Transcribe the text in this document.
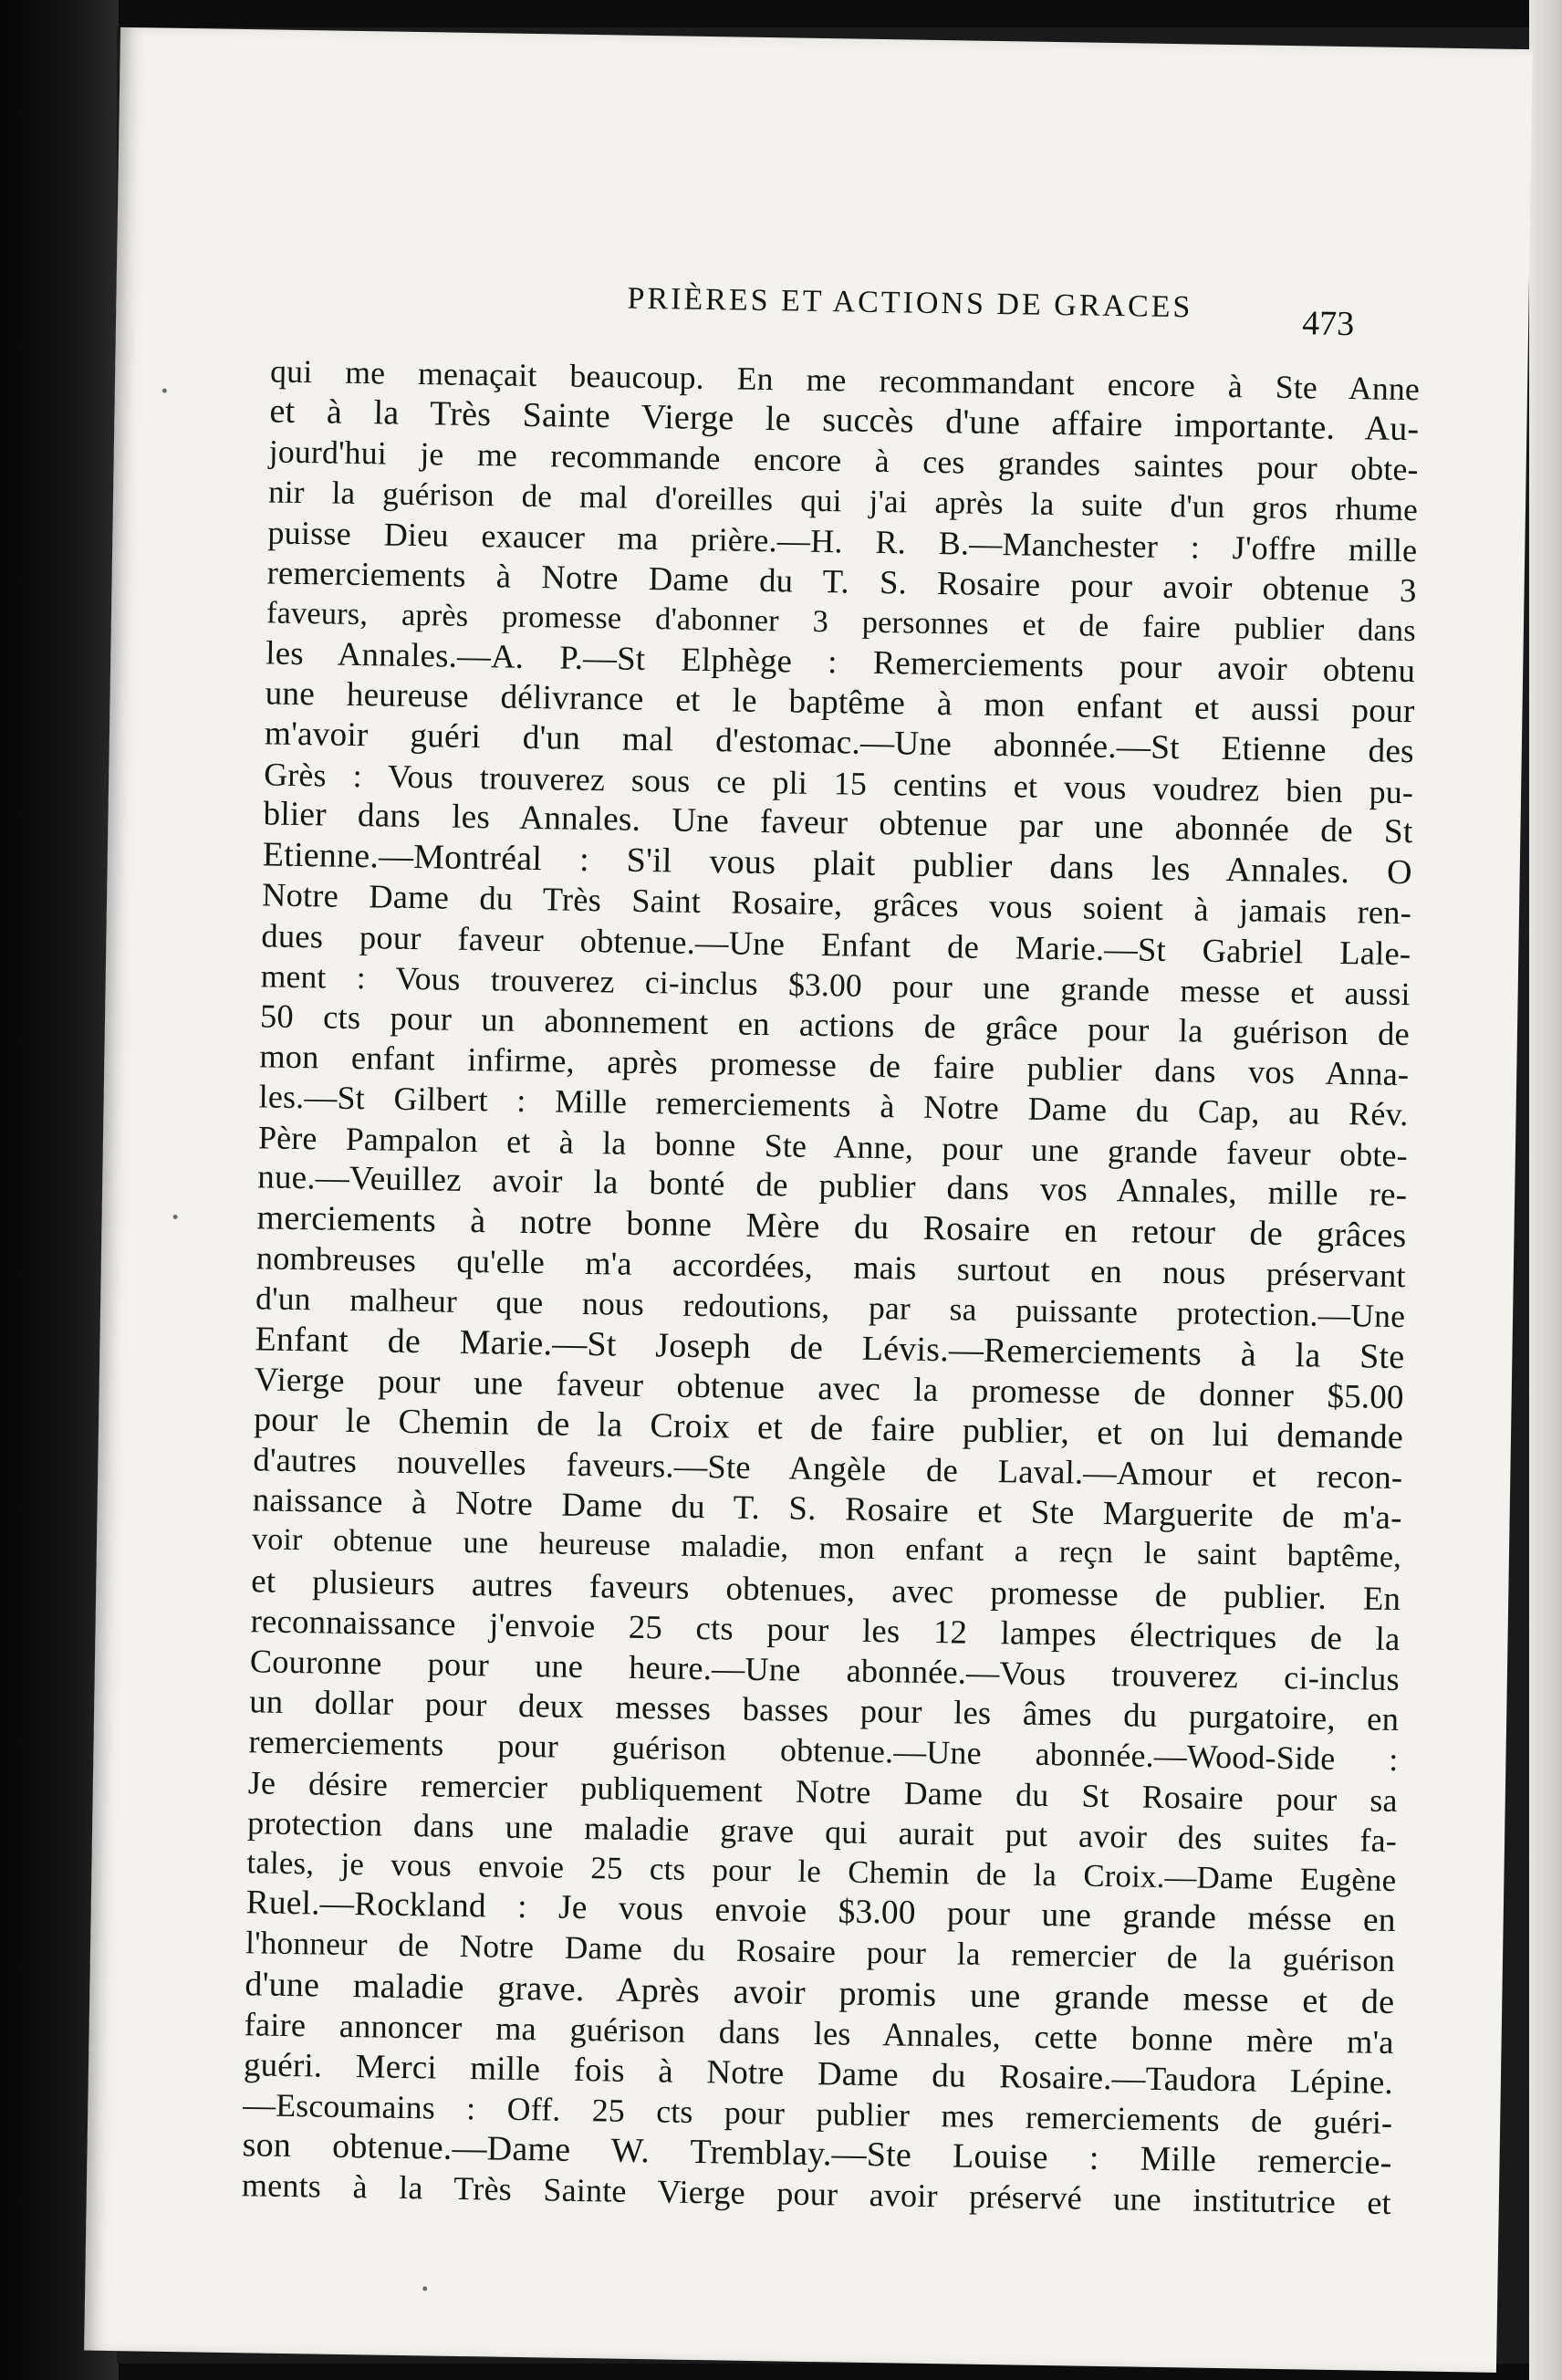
PRIÈRES ET ACTIONS DE GRACES	473
qui me menaçait beaucoup. En me recommandant encore à Ste Anne
et à la Très Sainte Vierge le succès d'une affaire importante. Au-
jourd'hui je me recommande encore à ces grandes saintes pour obte-
nir la guérison de mal d'oreilles qui j'ai après la suite d'un gros rhume
puisse Dieu exaucer ma prière.—H. R. B.—Manchester : J'offre mille
remerciements à Notre Dame du T. S. Rosaire pour avoir obtenue 3
faveurs, après promesse d'abonner 3 personnes et de faire publier dans
les Annales.—A. P.—St Elphège : Remerciements pour avoir obtenu
une heureuse délivrance et le baptême à mon enfant et aussi pour
m'avoir guéri d'un mal d'estomac.—Une abonnée.—St Etienne des
Grès : Vous trouverez sous ce pli 15 centins et vous voudrez bien pu-
blier dans les Annales. Une faveur obtenue par une abonnée de St
Etienne.—Montréal : S'il vous plait publier dans les Annales. O
Notre Dame du Très Saint Rosaire, grâces vous soient à jamais ren-
dues pour faveur obtenue.—Une Enfant de Marie.—St Gabriel Lale-
ment : Vous trouverez ci-inclus $3.00 pour une grande messe et aussi
50 cts pour un abonnement en actions de grâce pour la guérison de
mon enfant infirme, après promesse de faire publier dans vos Anna-
les.—St Gilbert : Mille remerciements à Notre Dame du Cap, au Rév.
Père Pampalon et à la bonne Ste Anne, pour une grande faveur obte-
nue.—Veuillez avoir la bonté de publier dans vos Annales, mille re-
merciements à notre bonne Mère du Rosaire en retour de grâces
nombreuses qu'elle m'a accordées, mais surtout en nous préservant
d'un malheur que nous redoutions, par sa puissante protection.—Une
Enfant de Marie.—St Joseph de Lévis.—Remerciements à la Ste
Vierge pour une faveur obtenue avec la promesse de donner $5.00
pour le Chemin de la Croix et de faire publier, et on lui demande
d'autres nouvelles faveurs.—Ste Angèle de Laval.—Amour et recon-
naissance à Notre Dame du T. S. Rosaire et Ste Marguerite de m'a-
voir obtenue une heureuse maladie, mon enfant a reçn le saint baptême,
et plusieurs autres faveurs obtenues, avec promesse de publier. En
reconnaissance j'envoie 25 cts pour les 12 lampes électriques de la
Couronne pour une heure.—Une abonnée.—Vous trouverez ci-inclus
un dollar pour deux messes basses pour les âmes du purgatoire, en
remerciements pour guérison obtenue.—Une abonnée.—Wood-Side :
Je désire remercier publiquement Notre Dame du St Rosaire pour sa
protection dans une maladie grave qui aurait put avoir des suites fa-
tales, je vous envoie 25 cts pour le Chemin de la Croix.—Dame Eugène
Ruel.—Rockland : Je vous envoie $3.00 pour une grande mésse en
l'honneur de Notre Dame du Rosaire pour la remercier de la guérison
d'une maladie grave. Après avoir promis une grande messe et de
faire annoncer ma guérison dans les Annales, cette bonne mère m'a
guéri. Merci mille fois à Notre Dame du Rosaire.—Taudora Lépine.
—Escoumains : Off. 25 cts pour publier mes remerciements de guéri-
son obtenue.—Dame W. Tremblay.—Ste Louise : Mille remercie-
ments à la Très Sainte Vierge pour avoir préservé une institutrice et
